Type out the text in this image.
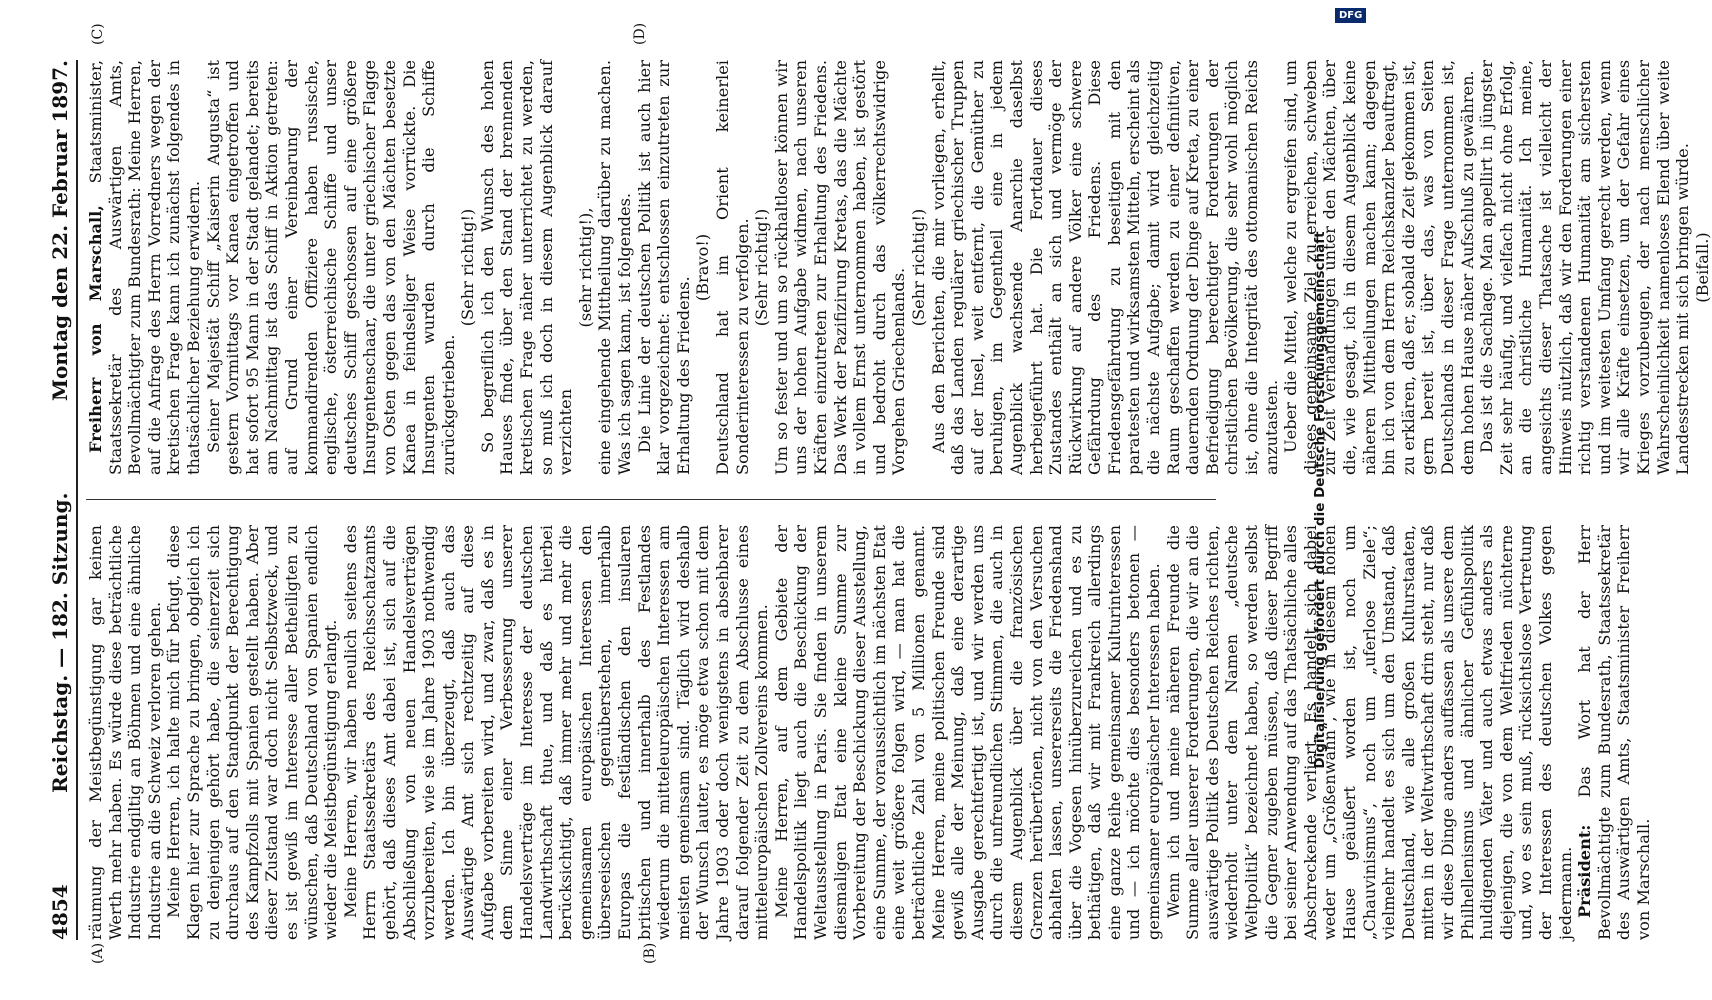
4854
Reichstag. — 182. Sitzung.
Montag den 22. Februar 1897.
(A)	(B)
(C)	(D)

räumung der Meistbegünstigung gar keinen Werth mehr haben. Es würde diese beträchtliche Industrie endgiltig an Böhmen und eine ähnliche Industrie an die Schweiz verloren gehen. Meine Herren, ich halte mich für befugt, diese Klagen hier zur Sprache zu bringen, obgleich ich zu denjenigen gehört habe, die seinerzeit sich durchaus auf den Standpunkt der Berechtigung des Kampfzolls mit Spanien gestellt haben. Aber dieser Zustand war doch nicht Selbstzweck, und es ist gewiß im Interesse aller Betheiligten zu wünschen, daß Deutschland von Spanien endlich wieder die Meistbegünstigung erlangt. Meine Herren, wir haben neulich seitens des Herrn Staatssekretärs des Reichsschatzamts gehört, daß dieses Amt dabei ist, sich auf die Abschließung von neuen Handelsverträgen vorzubereiten, wie sie im Jahre 1903 nothwendig werden. Ich bin überzeugt, daß auch das Auswärtige Amt sich rechtzeitig auf diese Aufgabe vorbereiten wird, und zwar, daß es in dem Sinne einer Verbesserung unserer Handelsverträge im Interesse der deutschen Landwirthschaft thue, und daß es hierbei berücksichtigt, daß immer mehr und mehr die gemeinsamen europäischen Interessen den überseeischen gegenüberstehen, innerhalb Europas die festländischen den insularen britischen und innerhalb des Festlandes wiederum die mitteleuropäischen Interessen am meisten gemeinsam sind. Täglich wird deshalb der Wunsch lauter, es möge etwa schon mit dem Jahre 1903 oder doch wenigstens in absehbarer darauf folgender Zeit zu dem Abschlusse eines mitteleuropäischen Zollvereins kommen. Meine Herren, auf dem Gebiete der Handelspolitik liegt auch die Beschickung der Weltausstellung in Paris. Sie finden in unserem diesmaligen Etat eine kleine Summe zur Vorbereitung der Beschickung dieser Ausstellung, eine Summe, der voraussichtlich im nächsten Etat eine weit größere folgen wird, — man hat die beträchtliche Zahl von 5 Millionen genannt. Meine Herren, meine politischen Freunde sind gewiß alle der Meinung, daß eine derartige Ausgabe gerechtfertigt ist, und wir werden uns durch die unfreundlichen Stimmen, die auch in diesem Augenblick über die französischen Grenzen herübertönen, nicht von den Versuchen abhalten lassen, unsererseits die Friedenshand über die Vogesen hinüberzureichen und es zu bethätigen, daß wir mit Frankreich allerdings eine ganze Reihe gemeinsamer Kulturinteressen und — ich möchte dies besonders betonen — gemeinsamer europäischer Interessen haben. Wenn ich und meine näheren Freunde die Summe aller unserer Forderungen, die wir an die auswärtige Politik des Deutschen Reiches richten, wiederholt unter dem Namen „deutsche Weltpolitik“ bezeichnet haben, so werden selbst die Gegner zugeben müssen, daß dieser Begriff bei seiner Anwendung auf das Thatsächliche alles Abschreckende verliert. Es handelt sich dabei weder um „Größenwahn“, wie in diesem hohen Hause geäußert worden ist, noch um „Chauvinismus“, noch um „uferlose Ziele“; vielmehr handelt es sich um den Umstand, daß Deutschland, wie alle großen Kulturstaaten, mitten in der Weltwirthschaft drin steht, nur daß wir diese Dinge anders auffassen als unsere dem Philhellenismus und ähnlicher Gefühlspolitik huldigenden Väter und auch etwas anders als diejenigen, die von dem Weltfrieden nüchterne und, wo es sein muß, rücksichtslose Vertretung der Interessen des deutschen Volkes gegen jedermann. Präsident: Das Wort hat der Herr Bevollmächtigte zum Bundesrath, Staatssekretär des Auswärtigen Amts, Staatsminister Freiherr von Marschall.

Freiherr von Marschall, Staatsminister, Staatssekretär des Auswärtigen Amts, Bevollmächtigter zum Bundesrath: Meine Herren, auf die Anfrage des Herrn Vorredners wegen der kretischen Frage kann ich zunächst folgendes in thatsächlicher Beziehung erwidern. Seiner Majestät Schiff „Kaiserin Augusta“ ist gestern Vormittags vor Kanea eingetroffen und hat sofort 95 Mann in der Stadt gelandet; bereits am Nachmittag ist das Schiff in Aktion getreten: auf Grund einer Vereinbarung der kommandirenden Offiziere haben russische, englische, österreichische Schiffe und unser deutsches Schiff geschossen auf eine größere Insurgentenschaar, die unter griechischer Flagge von Osten gegen das von den Mächten besetzte Kanea in feindseliger Weise vorrückte. Die Insurgenten wurden durch die Schiffe zurückgetrieben.

(Sehr richtig!) So begreiflich ich den Wunsch des hohen Hauses finde, über den Stand der brennenden kretischen Frage näher unterrichtet zu werden, so muß ich doch in diesem Augenblick darauf verzichten

(sehr richtig!), eine eingehende Mittheilung darüber zu machen. Was ich sagen kann, ist folgendes. Die Linie der deutschen Politik ist auch hier klar vorgezeichnet: entschlossen einzutreten zur Erhaltung des Friedens.

(Bravo!) Deutschland hat im Orient keinerlei Sonderinteressen zu verfolgen. (Sehr richtig!) Um so fester und um so rückhaltloser können wir uns der hohen Aufgabe widmen, nach unseren Kräften einzutreten zur Erhaltung des Friedens. Das Werk der Pazifizirung Kretas, das die Mächte in vollem Ernst unternommen haben, ist gestört und bedroht durch das völkerrechtswidrige Vorgehen Griechenlands.

(Sehr richtig!) Aus den Berichten, die mir vorliegen, erhellt, daß das Landen regulärer griechischer Truppen auf der Insel, weit entfernt, die Gemüther zu beruhigen, im Gegentheil eine in jedem Augenblick wachsende Anarchie daselbst herbeigeführt hat. Die Fortdauer dieses Zustandes enthält an sich und vermöge der Rückwirkung auf andere Völker eine schwere Gefährdung des Friedens. Diese Friedensgefährdung zu beseitigen mit den paratesten und wirksamsten Mitteln, erscheint als die nächste Aufgabe; damit wird gleichzeitig Raum geschaffen werden zu einer definitiven, dauernden Ordnung der Dinge auf Kreta, zu einer Befriedigung berechtigter Forderungen der christlichen Bevölkerung, die sehr wohl möglich ist, ohne die Integrität des ottomanischen Reichs anzutasten. Ueber die Mittel, welche zu ergreifen sind, um dieses gemeinsame Ziel zu erreichen, schweben zur Zeit Verhandlungen unter den Mächten, über die, wie gesagt, ich in diesem Augenblick keine näheren Mittheilungen machen kann; dagegen bin ich von dem Herrn Reichskanzler beauftragt, zu erklären, daß er, sobald die Zeit gekommen ist, gern bereit ist, über das, was von Seiten Deutschlands in dieser Frage unternommen ist, dem hohen Hause näher Aufschluß zu gewähren. Das ist die Sachlage. Man appellirt in jüngster Zeit sehr häufig, und vielfach nicht ohne Erfolg, an die christliche Humanität. Ich meine, angesichts dieser Thatsache ist vielleicht der Hinweis nützlich, daß wir den Forderungen einer richtig verstandenen Humanität am sichersten und im weitesten Umfang gerecht werden, wenn wir alle Kräfte einsetzen, um der Gefahr eines Krieges vorzubeugen, der nach menschlicher Wahrscheinlichkeit namenloses Elend über weite Landesstrecken mit sich bringen würde. (Beifall.)

Digitalisierung gefördert durch die Deutsche Forschungsgemeinschaft
DFG
